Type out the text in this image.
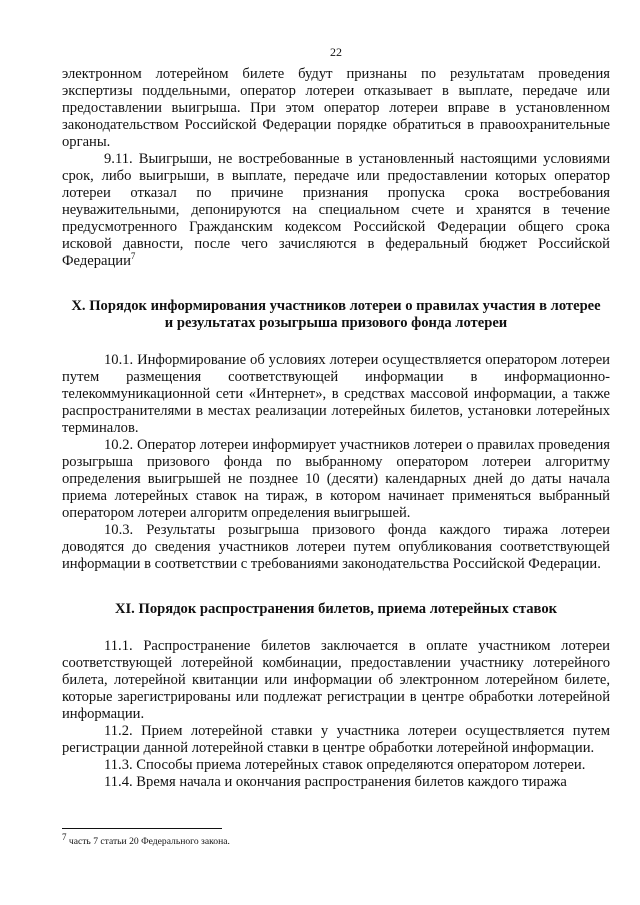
22

электронном лотерейном билете будут признаны по результатам проведения экспертизы поддельными, оператор лотереи отказывает в выплате, передаче или предоставлении выигрыша. При этом оператор лотереи вправе в установленном законодательством Российской Федерации порядке обратиться в правоохранительные органы.

9.11. Выигрыши, не востребованные в установленный настоящими условиями срок, либо выигрыши, в выплате, передаче или предоставлении которых оператор лотереи отказал по причине признания пропуска срока востребования неуважительными, депонируются на специальном счете и хранятся в течение предусмотренного Гражданским кодексом Российской Федерации общего срока исковой давности, после чего зачисляются в федеральный бюджет Российской Федерации$^7$

X. Порядок информирования участников лотереи о правилах участия в лотерее
и результатах розыгрыша призового фонда лотереи

10.1. Информирование об условиях лотереи осуществляется оператором лотереи путем размещения соответствующей информации в информационно-телекоммуникационной сети «Интернет», в средствах массовой информации, а также распространителями в местах реализации лотерейных билетов, установки лотерейных терминалов.

10.2. Оператор лотереи информирует участников лотереи о правилах проведения розыгрыша призового фонда по выбранному оператором лотереи алгоритму определения выигрышей не позднее 10 (десяти) календарных дней до даты начала приема лотерейных ставок на тираж, в котором начинает применяться выбранный оператором лотереи алгоритм определения выигрышей.

10.3. Результаты розыгрыша призового фонда каждого тиража лотереи доводятся до сведения участников лотереи путем опубликования соответствующей информации в соответствии с требованиями законодательства Российской Федерации.

XI. Порядок распространения билетов, приема лотерейных ставок

11.1. Распространение билетов заключается в оплате участником лотереи соответствующей лотерейной комбинации, предоставлении участнику лотерейного билета, лотерейной квитанции или информации об электронном лотерейном билете, которые зарегистрированы или подлежат регистрации в центре обработки лотерейной информации.

11.2. Прием лотерейной ставки у участника лотереи осуществляется путем регистрации данной лотерейной ставки в центре обработки лотерейной информации.

11.3. Способы приема лотерейных ставок определяются оператором лотереи.

11.4. Время начала и окончания распространения билетов каждого тиража

$^7$ часть 7 статьи 20 Федерального закона.
